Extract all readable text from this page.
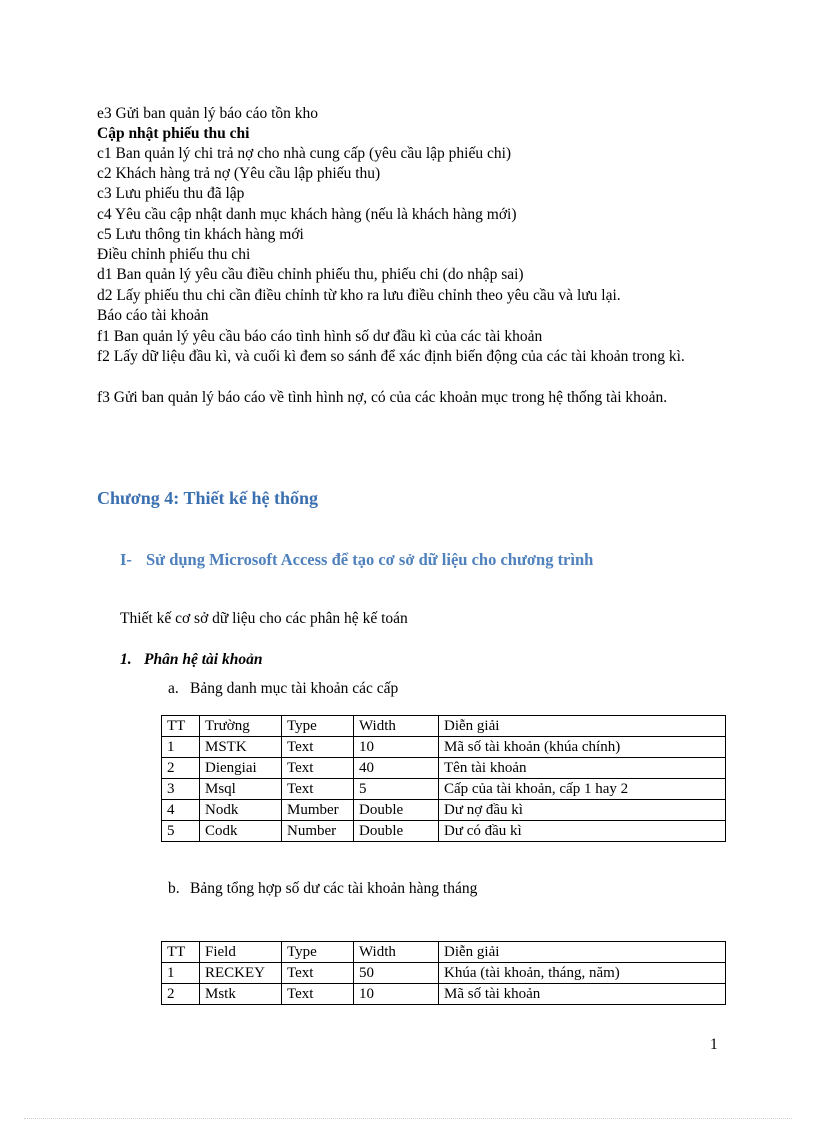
e3 Gửi ban quản lý báo cáo tồn kho
Cập nhật phiếu thu chi
c1 Ban quản lý chi trả nợ cho nhà cung cấp (yêu cầu lập phiếu chi)
c2 Khách hàng trả nợ (Yêu cầu lập phiếu thu)
c3 Lưu phiếu thu đã lập
c4 Yêu cầu cập nhật danh mục khách hàng (nếu là khách hàng mới)
c5 Lưu thông tin khách hàng mới
Điều chỉnh phiếu thu chi
d1 Ban quản lý yêu cầu điều chỉnh phiếu thu, phiếu chi (do nhập sai)
d2 Lấy phiếu thu chi cần điều chỉnh từ kho ra lưu điều chỉnh theo yêu cầu và lưu lại.
Báo cáo tài khoản
f1 Ban quản lý yêu cầu báo cáo tình hình số dư đầu kì của các tài khoản
f2 Lấy dữ liệu đầu kì, và cuối kì đem so sánh để xác định biến động của các tài khoản trong kì.
f3 Gửi ban quản lý báo cáo về tình hình nợ, có của các khoản mục trong hệ thống tài khoản.
Chương 4: Thiết kế hệ thống
I- Sử dụng Microsoft Access để tạo cơ sở dữ liệu cho chương trình
Thiết kế cơ sở dữ liệu cho các phân hệ kế toán
1. Phân hệ tài khoản
a. Bảng danh mục tài khoản các cấp
TT	Trường	Type	Width	Diễn giải
1	MSTK	Text	10	Mã số tài khoản (khúa chính)
2	Diengiai	Text	40	Tên tài khoản
3	Msql	Text	5	Cấp của tài khoản, cấp 1 hay 2
4	Nodk	Mumber	Double	Dư nợ đầu kì
5	Codk	Number	Double	Dư có đầu kì
b. Bảng tổng hợp số dư các tài khoản hàng tháng
TT	Field	Type	Width	Diễn giải
1	RECKEY	Text	50	Khúa (tài khoản, tháng, năm)
2	Mstk	Text	10	Mã số tài khoản
1
